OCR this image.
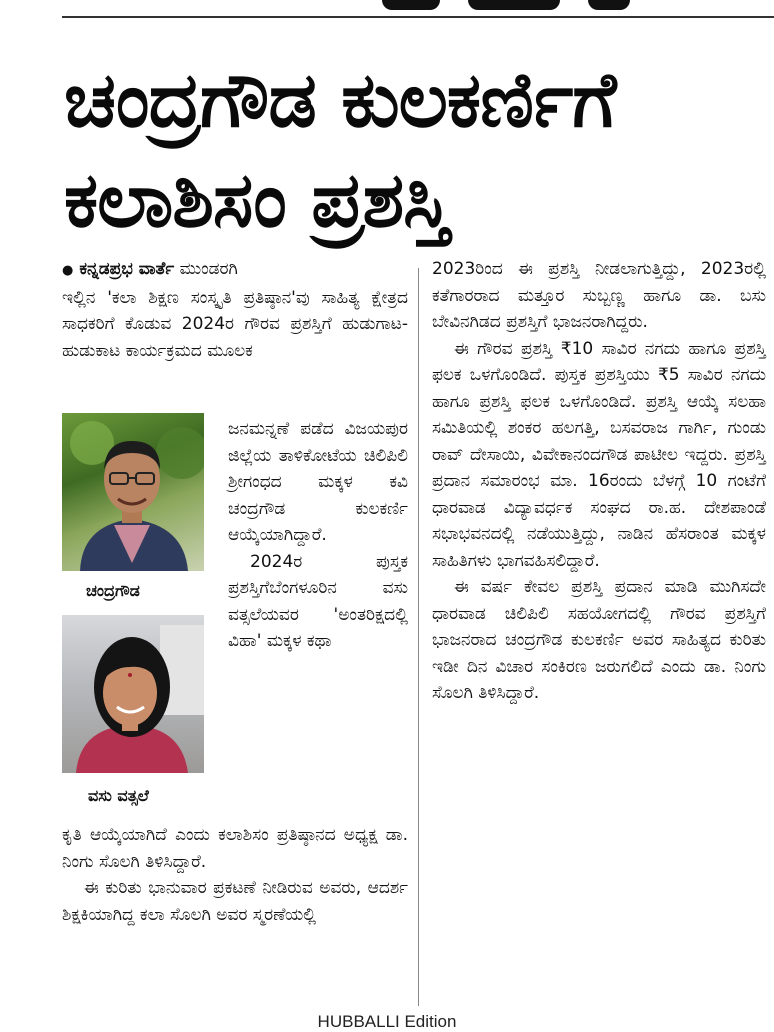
ಚಂದ್ರಗೌಡ ಕುಲಕರ್ಣಿಗೆ
ಕಲಾಶಿಸಂ ಪ್ರಶಸ್ತಿ

● ಕನ್ನಡಪ್ರಭ ವಾರ್ತೆ ಮುಂಡರಗಿ

ಇಲ್ಲಿನ 'ಕಲಾ ಶಿಕ್ಷಣ ಸಂಸ್ಕೃತಿ ಪ್ರತಿಷ್ಠಾನ'ವು ಸಾಹಿತ್ಯ ಕ್ಷೇತ್ರದ ಸಾಧಕರಿಗೆ ಕೊಡುವ 2024ರ ಗೌರವ ಪ್ರಶಸ್ತಿಗೆ ಹುಡುಗಾಟ-ಹುಡುಕಾಟ ಕಾರ್ಯಕ್ರಮದ ಮೂಲಕ

ಚಂದ್ರಗೌಡ

ವಸು ವತ್ಸಲೆ

ಜನಮನ್ನಣೆ ಪಡೆದ ವಿಜಯಪುರ ಜಿಲ್ಲೆಯ ತಾಳಿಕೋಟೆಯ ಚಿಲಿಪಿಲಿ ಶ್ರೀಗಂಧದ ಮಕ್ಕಳ ಕವಿ ಚಂದ್ರಗೌಡ ಕುಲಕರ್ಣಿ ಆಯ್ಕೆಯಾಗಿದ್ದಾರೆ.

2024ರ ಪುಸ್ತಕ ಪ್ರಶಸ್ತಿಗೆಬೆಂಗಳೂರಿನ ವಸು ವತ್ಸಲೆಯವರ 'ಅಂತರಿಕ್ಷದಲ್ಲಿ ವಿಹಾ' ಮಕ್ಕಳ ಕಥಾ

ಕೃತಿ ಆಯ್ಕೆಯಾಗಿದೆ ಎಂದು ಕಲಾಶಿಸಂ ಪ್ರತಿಷ್ಠಾನದ ಅಧ್ಯಕ್ಷ ಡಾ. ನಿಂಗು ಸೊಲಗಿ ತಿಳಿಸಿದ್ದಾರೆ.

ಈ ಕುರಿತು ಭಾನುವಾರ ಪ್ರಕಟಣೆ ನೀಡಿರುವ ಅವರು, ಆದರ್ಶ ಶಿಕ್ಷಕಿಯಾಗಿದ್ದ ಕಲಾ ಸೊಲಗಿ ಅವರ ಸ್ಮರಣೆಯಲ್ಲಿ

2023ರಿಂದ ಈ ಪ್ರಶಸ್ತಿ ನೀಡಲಾಗುತ್ತಿದ್ದು, 2023ರಲ್ಲಿ ಕತೆಗಾರರಾದ ಮತ್ತೂರ ಸುಬ್ಬಣ್ಣ ಹಾಗೂ ಡಾ. ಬಸು ಬೇವಿನಗಿಡದ ಪ್ರಶಸ್ತಿಗೆ ಭಾಜನರಾಗಿದ್ದರು.

ಈ ಗೌರವ ಪ್ರಶಸ್ತಿ ₹10 ಸಾವಿರ ನಗದು ಹಾಗೂ ಪ್ರಶಸ್ತಿ ಫಲಕ ಒಳಗೊಂಡಿದೆ. ಪುಸ್ತಕ ಪ್ರಶಸ್ತಿಯು ₹5 ಸಾವಿರ ನಗದು ಹಾಗೂ ಪ್ರಶಸ್ತಿ ಫಲಕ ಒಳಗೊಂಡಿದೆ. ಪ್ರಶಸ್ತಿ ಆಯ್ಕೆ ಸಲಹಾ ಸಮಿತಿಯಲ್ಲಿ ಶಂಕರ ಹಲಗತ್ತಿ, ಬಸವರಾಜ ಗಾರ್ಗಿ, ಗುಂಡು ರಾವ್ ದೇಸಾಯಿ, ವಿವೇಕಾನಂದಗೌಡ ಪಾಟೀಲ ಇದ್ದರು. ಪ್ರಶಸ್ತಿ ಪ್ರದಾನ ಸಮಾರಂಭ ಮಾ. 16ರಂದು ಬೆಳಗ್ಗೆ 10 ಗಂಟೆಗೆ ಧಾರವಾಡ ವಿದ್ಯಾವರ್ಧಕ ಸಂಘದ ರಾ.ಹ. ದೇಶಪಾಂಡೆ ಸಭಾಭವನದಲ್ಲಿ ನಡೆಯುತ್ತಿದ್ದು, ನಾಡಿನ ಹೆಸರಾಂತ ಮಕ್ಕಳ ಸಾಹಿತಿಗಳು ಭಾಗವಹಿಸಲಿದ್ದಾರೆ.

ಈ ವರ್ಷ ಕೇವಲ ಪ್ರಶಸ್ತಿ ಪ್ರದಾನ ಮಾಡಿ ಮುಗಿಸದೇ ಧಾರವಾಡ ಚಿಲಿಪಿಲಿ ಸಹಯೋಗದಲ್ಲಿ ಗೌರವ ಪ್ರಶಸ್ತಿಗೆ ಭಾಜನರಾದ ಚಂದ್ರಗೌಡ ಕುಲಕರ್ಣಿ ಅವರ ಸಾಹಿತ್ಯದ ಕುರಿತು ಇಡೀ ದಿನ ವಿಚಾರ ಸಂಕಿರಣ ಜರುಗಲಿದೆ ಎಂದು ಡಾ. ನಿಂಗು ಸೊಲಗಿ ತಿಳಿಸಿದ್ದಾರೆ.

HUBBALLI Edition
